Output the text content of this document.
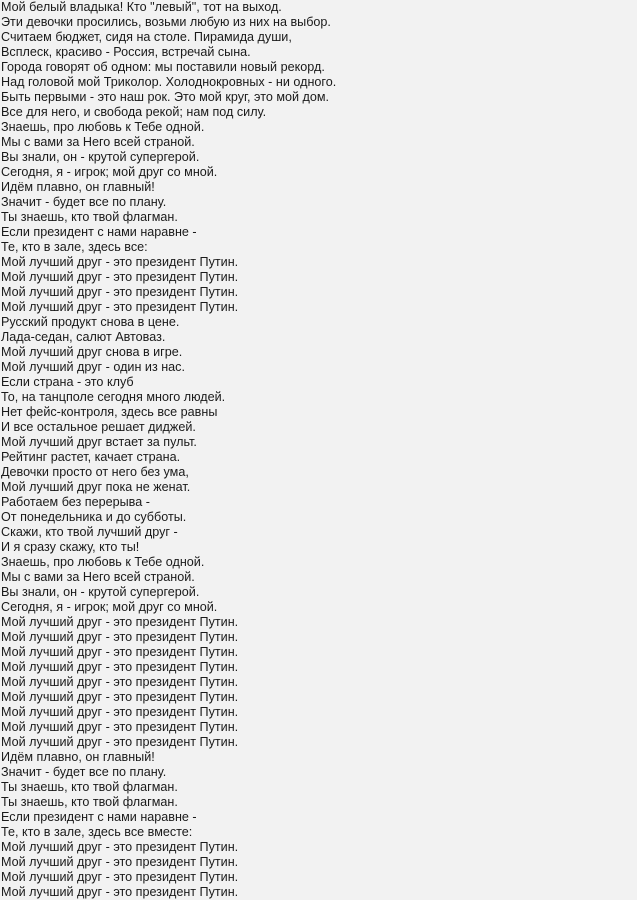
Мой белый владыка! Кто "левый", тот на выход.
Эти девочки просились, возьми любую из них на выбор.
Считаем бюджет, сидя на столе. Пирамида души,
Всплеск, красиво - Россия, встречай сына.
Города говорят об одном: мы поставили новый рекорд.
Над головой мой Триколор. Холоднокровных - ни одного.
Быть первыми - это наш рок. Это мой круг, это мой дом.
Все для него, и свобода рекой; нам под силу.
Знаешь, про любовь к Тебе одной.
Мы с вами за Него всей страной.
Вы знали, он - крутой супергерой.
Сегодня, я - игрок; мой друг со мной.
Идём плавно, он главный!
Значит - будет все по плану.
Ты знаешь, кто твой флагман.
Если президент с нами наравне -
Те, кто в зале, здесь все:
Мой лучший друг - это президент Путин.
Мой лучший друг - это президент Путин.
Мой лучший друг - это президент Путин.
Мой лучший друг - это президент Путин.
Русский продукт снова в цене.
Лада-седан, салют Автоваз.
Мой лучший друг снова в игре.
Мой лучший друг - один из нас.
Если страна - это клуб
То, на танцполе сегодня много людей.
Нет фейс-контроля, здесь все равны
И все остальное решает диджей.
Мой лучший друг встает за пульт.
Рейтинг растет, качает страна.
Девочки просто от него без ума,
Мой лучший друг пока не женат.
Работаем без перерыва -
От понедельника и до субботы.
Скажи, кто твой лучший друг -
И я сразу скажу, кто ты!
Знаешь, про любовь к Тебе одной.
Мы с вами за Него всей страной.
Вы знали, он - крутой супергерой.
Сегодня, я - игрок; мой друг со мной.
Мой лучший друг - это президент Путин.
Мой лучший друг - это президент Путин.
Мой лучший друг - это президент Путин.
Мой лучший друг - это президент Путин.
Мой лучший друг - это президент Путин.
Мой лучший друг - это президент Путин.
Мой лучший друг - это президент Путин.
Мой лучший друг - это президент Путин.
Мой лучший друг - это президент Путин.
Идём плавно, он главный!
Значит - будет все по плану.
Ты знаешь, кто твой флагман.
Ты знаешь, кто твой флагман.
Если президент с нами наравне -
Те, кто в зале, здесь все вместе:
Мой лучший друг - это президент Путин.
Мой лучший друг - это президент Путин.
Мой лучший друг - это президент Путин.
Мой лучший друг - это президент Путин.
